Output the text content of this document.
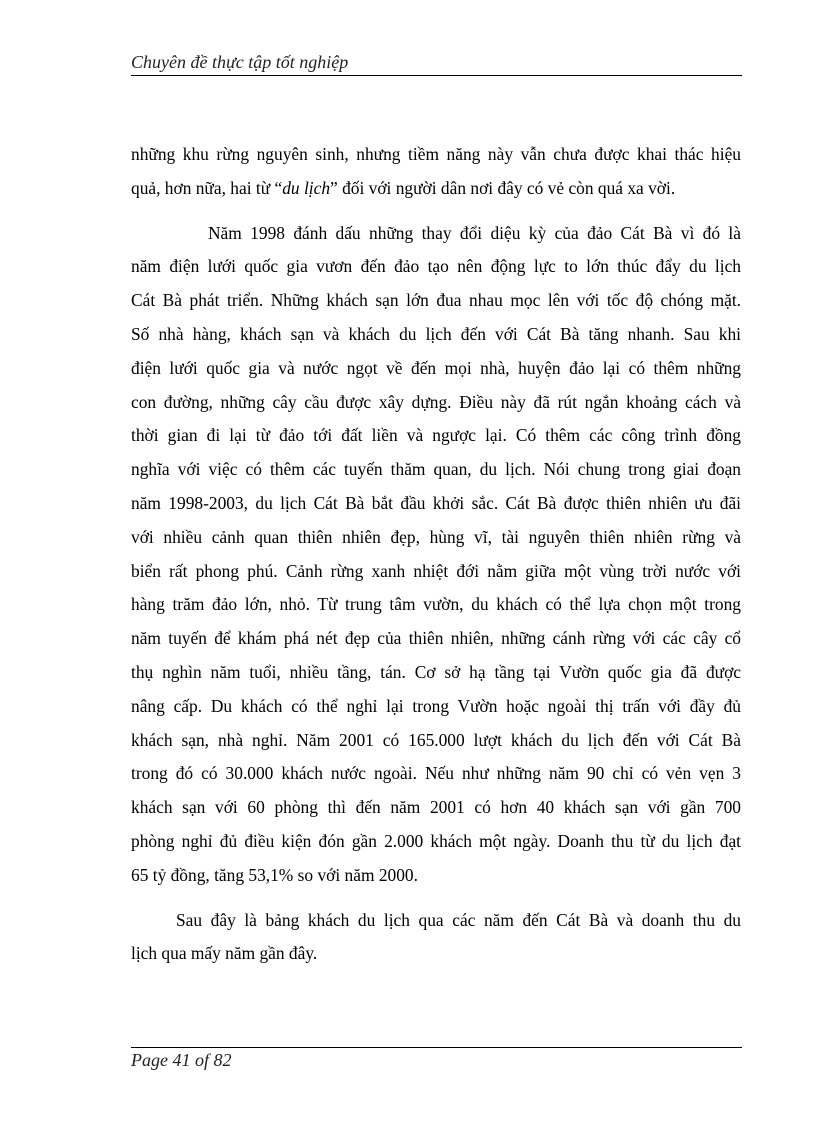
Chuyên đề thực tập tốt nghiệp
những khu rừng nguyên sinh, nhưng tiềm năng này vẫn chưa được khai thác hiệu
quả, hơn nữa, hai từ “du lịch” đối với người dân nơi đây có vẻ còn quá xa vời.
Năm 1998 đánh dấu những thay đổi diệu kỳ của đảo Cát Bà vì đó là
năm điện lưới quốc gia vươn đến đảo tạo nên động lực to lớn thúc đẩy du lịch
Cát Bà phát triển. Những khách sạn lớn đua nhau mọc lên với tốc độ chóng mặt.
Số nhà hàng, khách sạn và khách du lịch đến với Cát Bà tăng nhanh. Sau khi
điện lưới quốc gia và nước ngọt về đến mọi nhà, huyện đảo lại có thêm những
con đường, những cây cầu được xây dựng. Điều này đã rút ngắn khoảng cách và
thời gian đi lại từ đảo tới đất liền và ngược lại. Có thêm các công trình đồng
nghĩa với việc có thêm các tuyến thăm quan, du lịch. Nói chung trong giai đoạn
năm 1998-2003, du lịch Cát Bà bắt đầu khởi sắc. Cát Bà được thiên nhiên ưu đãi
với nhiều cảnh quan thiên nhiên đẹp, hùng vĩ, tài nguyên thiên nhiên rừng và
biển rất phong phú. Cảnh rừng xanh nhiệt đới nằm giữa một vùng trời nước với
hàng trăm đảo lớn, nhỏ. Từ trung tâm vườn, du khách có thể lựa chọn một trong
năm tuyến để khám phá nét đẹp của thiên nhiên, những cánh rừng với các cây cổ
thụ nghìn năm tuổi, nhiều tầng, tán. Cơ sở hạ tầng tại Vườn quốc gia đã được
nâng cấp. Du khách có thể nghỉ lại trong Vườn hoặc ngoài thị trấn với đầy đủ
khách sạn, nhà nghỉ. Năm 2001 có 165.000 lượt khách du lịch đến với Cát Bà
trong đó có 30.000 khách nước ngoài. Nếu như những năm 90 chỉ có vẻn vẹn 3
khách sạn với 60 phòng thì đến năm 2001 có hơn 40 khách sạn với gần 700
phòng nghỉ đủ điều kiện đón gần 2.000 khách một ngày. Doanh thu từ du lịch đạt
65 tỷ đồng, tăng 53,1% so với năm 2000.
Sau đây là bảng khách du lịch qua các năm đến Cát Bà và doanh thu du
lịch qua mấy năm gần đây.
Page 41 of 82
